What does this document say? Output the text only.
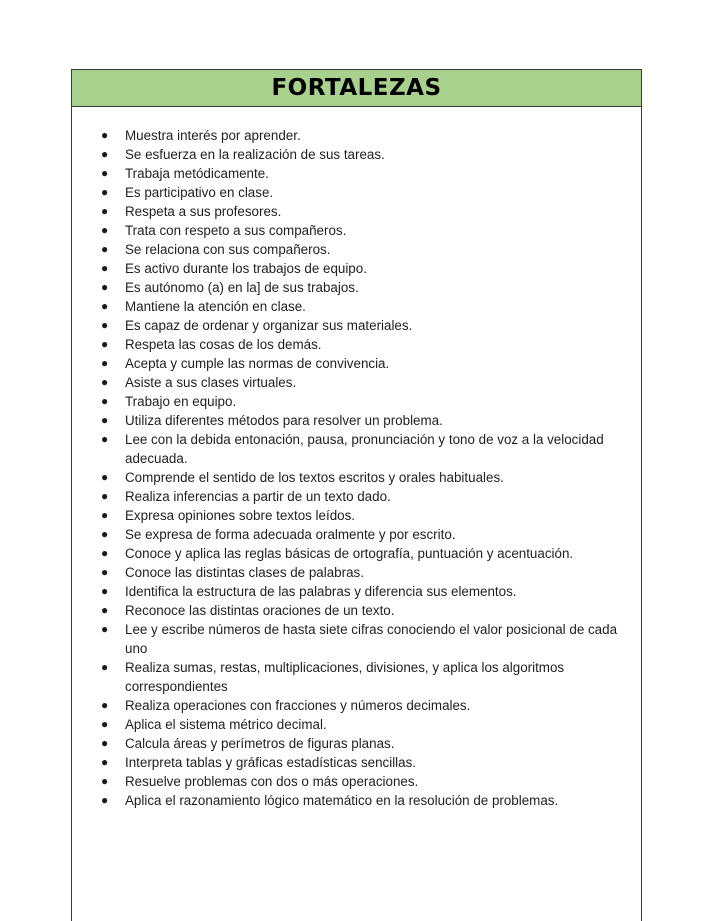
FORTALEZAS
● Muestra interés por aprender.
● Se esfuerza en la realización de sus tareas.
● Trabaja metódicamente.
● Es participativo en clase.
● Respeta a sus profesores.
● Trata con respeto a sus compañeros.
● Se relaciona con sus compañeros.
● Es activo durante los trabajos de equipo.
● Es autónomo (a) en la] de sus trabajos.
● Mantiene la atención en clase.
● Es capaz de ordenar y organizar sus materiales.
● Respeta las cosas de los demás.
● Acepta y cumple las normas de convivencia.
● Asiste a sus clases virtuales.
● Trabajo en equipo.
● Utiliza diferentes métodos para resolver un problema.
● Lee con la debida entonación, pausa, pronunciación y tono de voz a la velocidad adecuada.
● Comprende el sentido de los textos escritos y orales habituales.
● Realiza inferencias a partir de un texto dado.
● Expresa opiniones sobre textos leídos.
● Se expresa de forma adecuada oralmente y por escrito.
● Conoce y aplica las reglas básicas de ortografía, puntuación y acentuación.
● Conoce las distintas clases de palabras.
● Identifica la estructura de las palabras y diferencia sus elementos.
● Reconoce las distintas oraciones de un texto.
● Lee y escribe números de hasta siete cifras conociendo el valor posicional de cada uno
● Realiza sumas, restas, multiplicaciones, divisiones, y aplica los algoritmos correspondientes
● Realiza operaciones con fracciones y números decimales.
● Aplica el sistema métrico decimal.
● Calcula áreas y perímetros de figuras planas.
● Interpreta tablas y gráficas estadísticas sencillas.
● Resuelve problemas con dos o más operaciones.
● Aplica el razonamiento lógico matemático en la resolución de problemas.
